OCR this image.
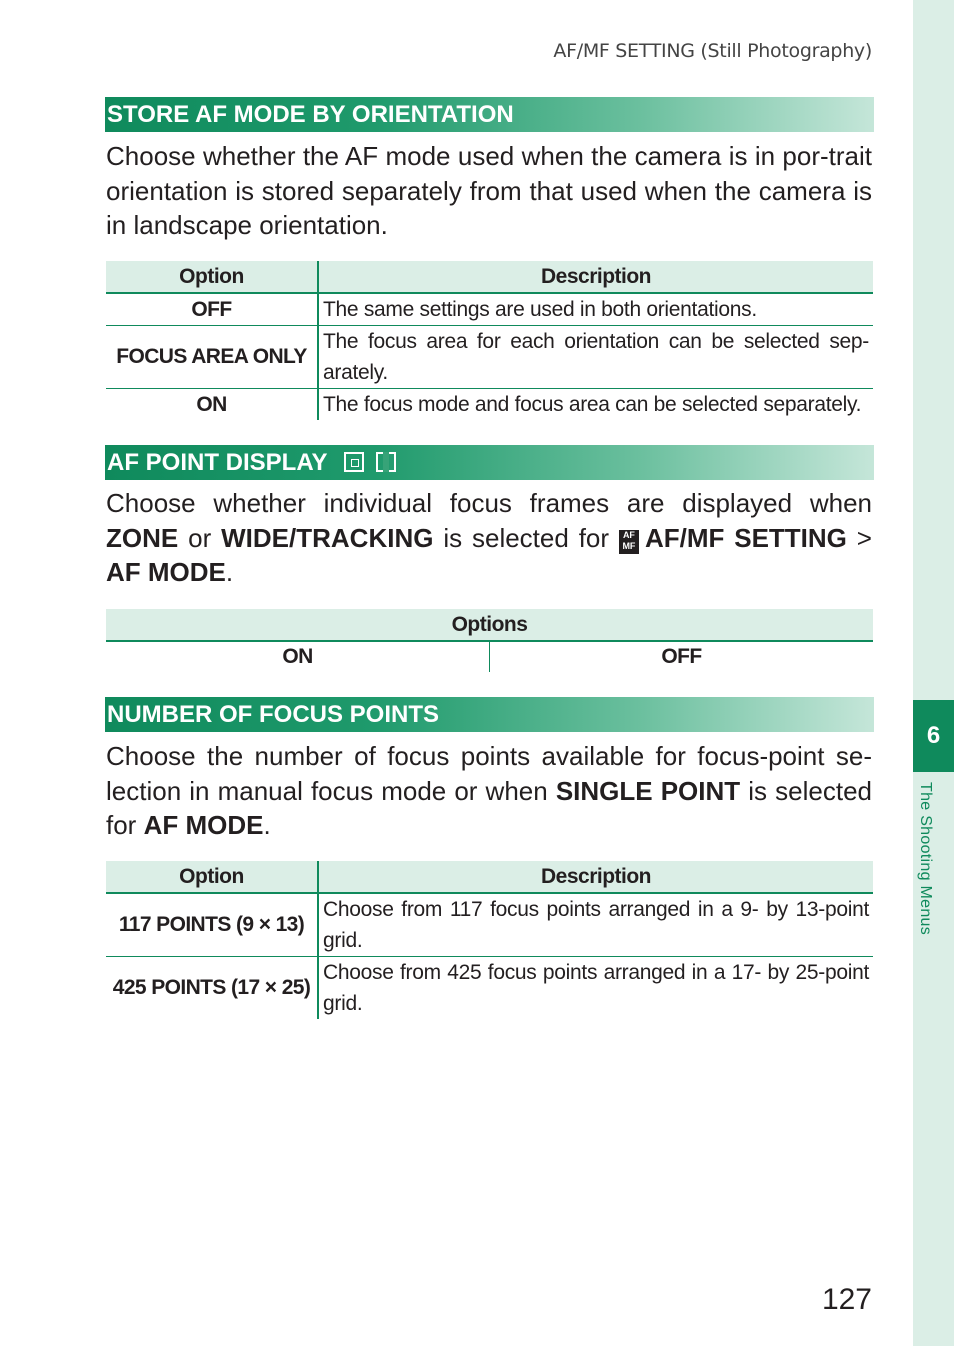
6
The Shooting Menus
AF/MF SETTING (Still Photography)
STORE AF MODE BY ORIENTATION
Choose whether the AF mode used when the camera is in por-trait orientation is stored separately from that used when the camera is in landscape orientation.
Option	Description
OFF	The same settings are used in both orientations.
FOCUS AREA ONLY	The focus area for each orientation can be selected sep-arately.
ON	The focus mode and focus area can be selected separately.
AF POINT DISPLAY

Choose whether individual focus frames are displayed when ZONE or WIDE/TRACKING is selected for AF
MF AF/MF SETTING > AF MODE.
Options
ON	OFF
NUMBER OF FOCUS POINTS
Choose the number of focus points available for focus-point se-lection in manual focus mode or when SINGLE POINT is selected for AF MODE.
Option	Description
117 POINTS (9 × 13)	Choose from 117 focus points arranged in a 9- by 13-point grid.
425 POINTS (17 × 25)	Choose from 425 focus points arranged in a 17- by 25-point grid.
127
